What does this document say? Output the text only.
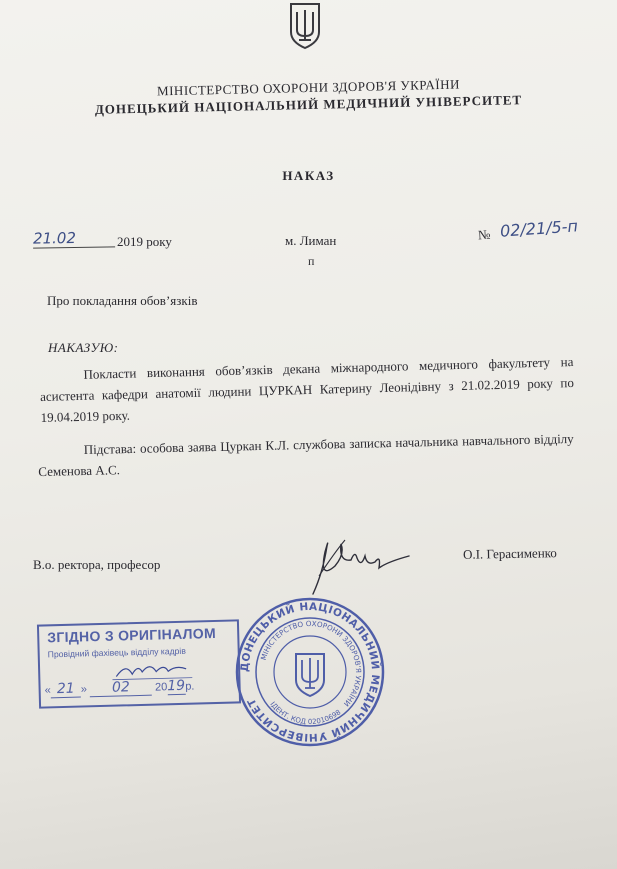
МІНІСТЕРСТВО ОХОРОНИ ЗДОРОВ'Я УКРАЇНИ
ДОНЕЦЬКИЙ НАЦІОНАЛЬНИЙ МЕДИЧНИЙ УНІВЕРСИТЕТ
НАКАЗ
21.02	2019 року	м. Лиман
п
№ 02/21/5-п
Про покладання обов’язків
НАКАЗУЮ:
Покласти виконання обов’язків декана міжнародного медичного факультету на асистента кафедри анатомії людини ЦУРКАН Катерину Леонідівну з 21.02.2019 року по 19.04.2019 року.
Підстава: особова заява Цуркан К.Л. службова записка начальника навчального відділу Семенова А.С.
В.о. ректора, професор
О.І. Герасименко
ЗГІДНО З ОРИГІНАЛОМ
Провідний фахівець відділу кадрів
« 21 » 02 2019р.
ДОНЕЦЬКИЙ НАЦІОНАЛЬНИЙ МЕДИЧНИЙ УНІВЕРСИТЕТ
МІНІСТЕРСТВО ОХОРОНИ ЗДОРОВ'Я УКРАЇНИ
ІДЕНТ. КОД 02010698
